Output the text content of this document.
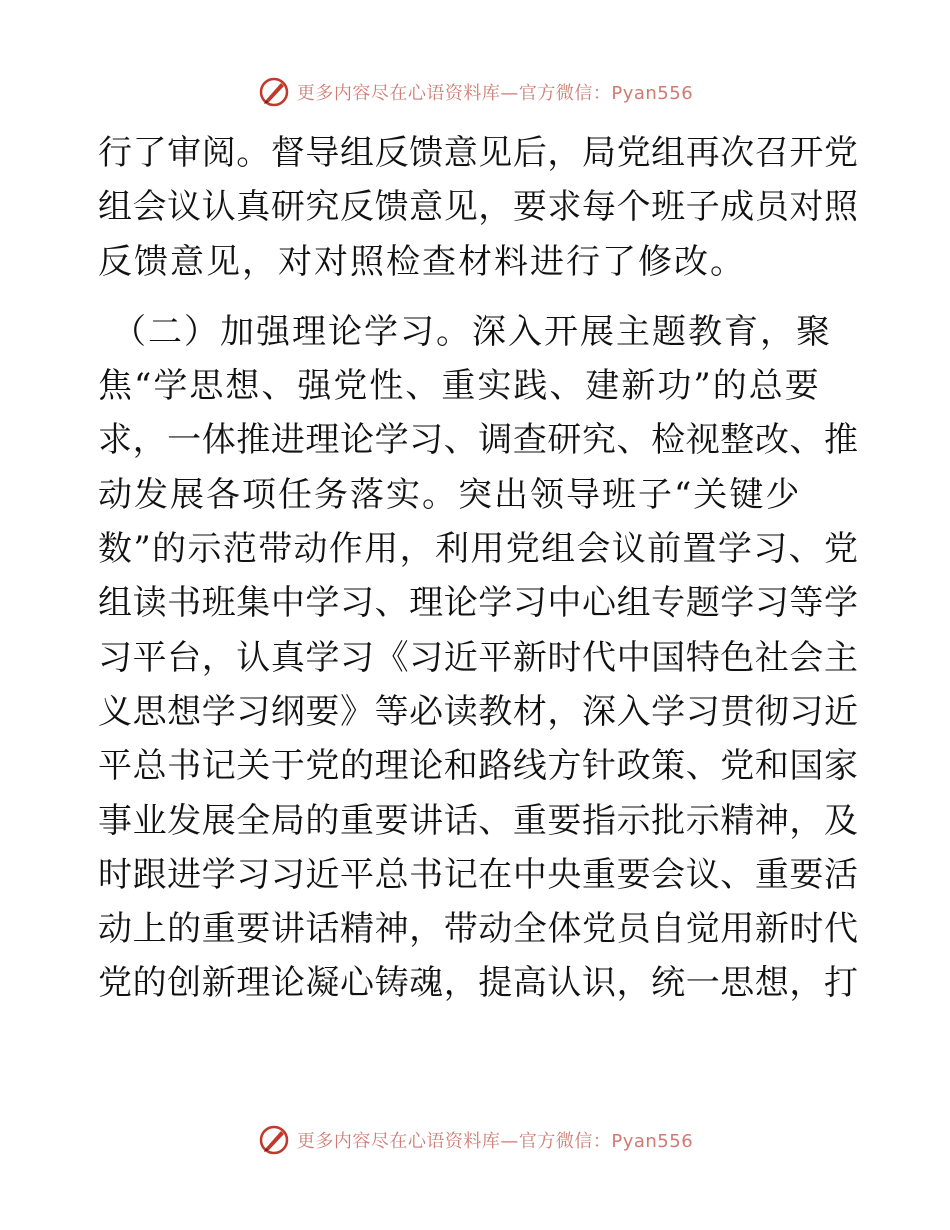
更多内容尽在心语资料库—官方微信：Pyan556
行了审阅。督导组反馈意见后，局党组再次召开党
组会议认真研究反馈意见，要求每个班子成员对照
反馈意见，对对照检查材料进行了修改。
（二）加强理论学习。深入开展主题教育，聚
焦“学思想、强党性、重实践、建新功”的总要
求，一体推进理论学习、调查研究、检视整改、推
动发展各项任务落实。突出领导班子“关键少
数”的示范带动作用，利用党组会议前置学习、党
组读书班集中学习、理论学习中心组专题学习等学
习平台，认真学习《习近平新时代中国特色社会主
义思想学习纲要》等必读教材，深入学习贯彻习近
平总书记关于党的理论和路线方针政策、党和国家
事业发展全局的重要讲话、重要指示批示精神，及
时跟进学习习近平总书记在中央重要会议、重要活
动上的重要讲话精神，带动全体党员自觉用新时代
党的创新理论凝心铸魂，提高认识，统一思想，打
更多内容尽在心语资料库—官方微信：Pyan556
